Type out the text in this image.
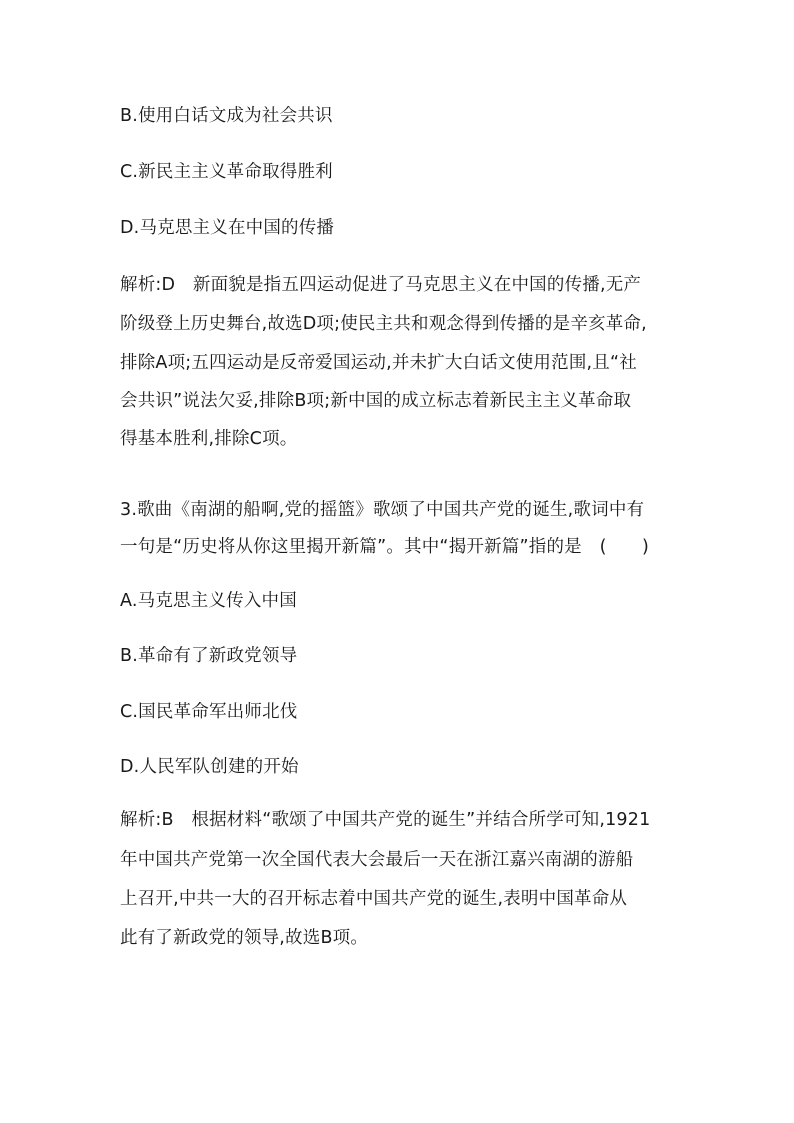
B.使用白话文成为社会共识
C.新民主主义革命取得胜利
D.马克思主义在中国的传播
解析:D　新面貌是指五四运动促进了马克思主义在中国的传播,无产
阶级登上历史舞台,故选D项;使民主共和观念得到传播的是辛亥革命,
排除A项;五四运动是反帝爱国运动,并未扩大白话文使用范围,且“社
会共识”说法欠妥,排除B项;新中国的成立标志着新民主主义革命取
得基本胜利,排除C项。
3.歌曲《南湖的船啊,党的摇篮》歌颂了中国共产党的诞生,歌词中有
一句是“历史将从你这里揭开新篇”。其中“揭开新篇”指的是　(　　)
A.马克思主义传入中国
B.革命有了新政党领导
C.国民革命军出师北伐
D.人民军队创建的开始
解析:B　根据材料“歌颂了中国共产党的诞生”并结合所学可知,1921
年中国共产党第一次全国代表大会最后一天在浙江嘉兴南湖的游船
上召开,中共一大的召开标志着中国共产党的诞生,表明中国革命从
此有了新政党的领导,故选B项。
